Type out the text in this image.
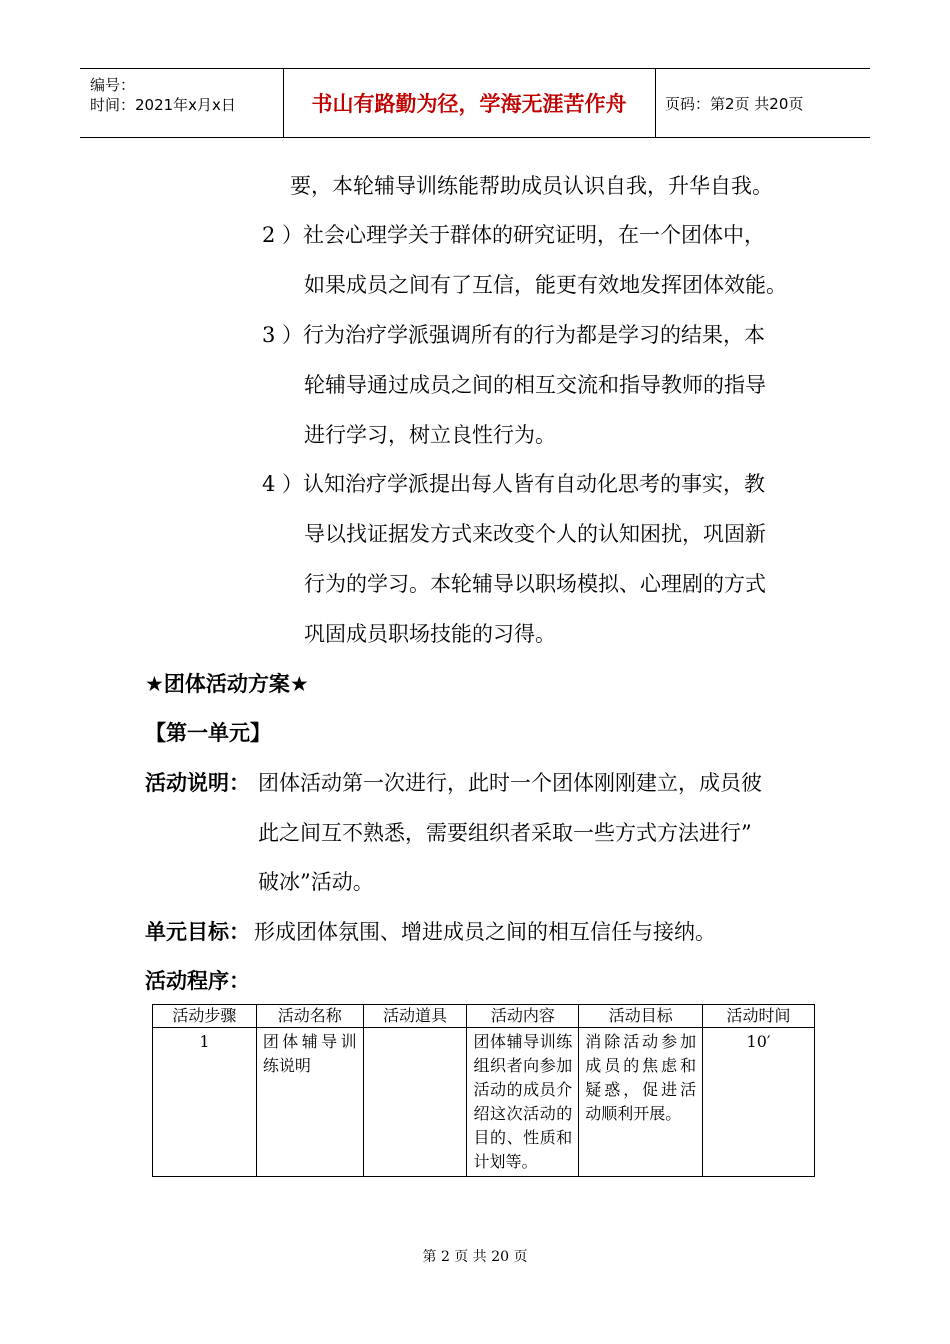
编号：
时间：2021年x月x日	书山有路勤为径，学海无涯苦作舟	页码：第2页 共20页
要，本轮辅导训练能帮助成员认识自我，升华自我。
2 ）社会心理学关于群体的研究证明，在一个团体中，
如果成员之间有了互信，能更有效地发挥团体效能。
3 ）行为治疗学派强调所有的行为都是学习的结果，本
轮辅导通过成员之间的相互交流和指导教师的指导
进行学习，树立良性行为。
4 ）认知治疗学派提出每人皆有自动化思考的事实，教
导以找证据发方式来改变个人的认知困扰，巩固新
行为的学习。本轮辅导以职场模拟、心理剧的方式
巩固成员职场技能的习得。
★团体活动方案★
【第一单元】
活动说明： 团体活动第一次进行，此时一个团体刚刚建立，成员彼
此之间互不熟悉，需要组织者采取一些方式方法进行”
破冰”活动。
单元目标： 形成团体氛围、增进成员之间的相互信任与接纳。
活动程序：
活动步骤	活动名称	活动道具	活动内容	活动目标	活动时间
1	团体辅导训练说明		团体辅导训练组织者向参加活动的成员介绍这次活动的目的、性质和计划等。	消除活动参加成员的焦虑和疑惑，促进活动顺利开展。	10′
第 2 页 共 20 页
